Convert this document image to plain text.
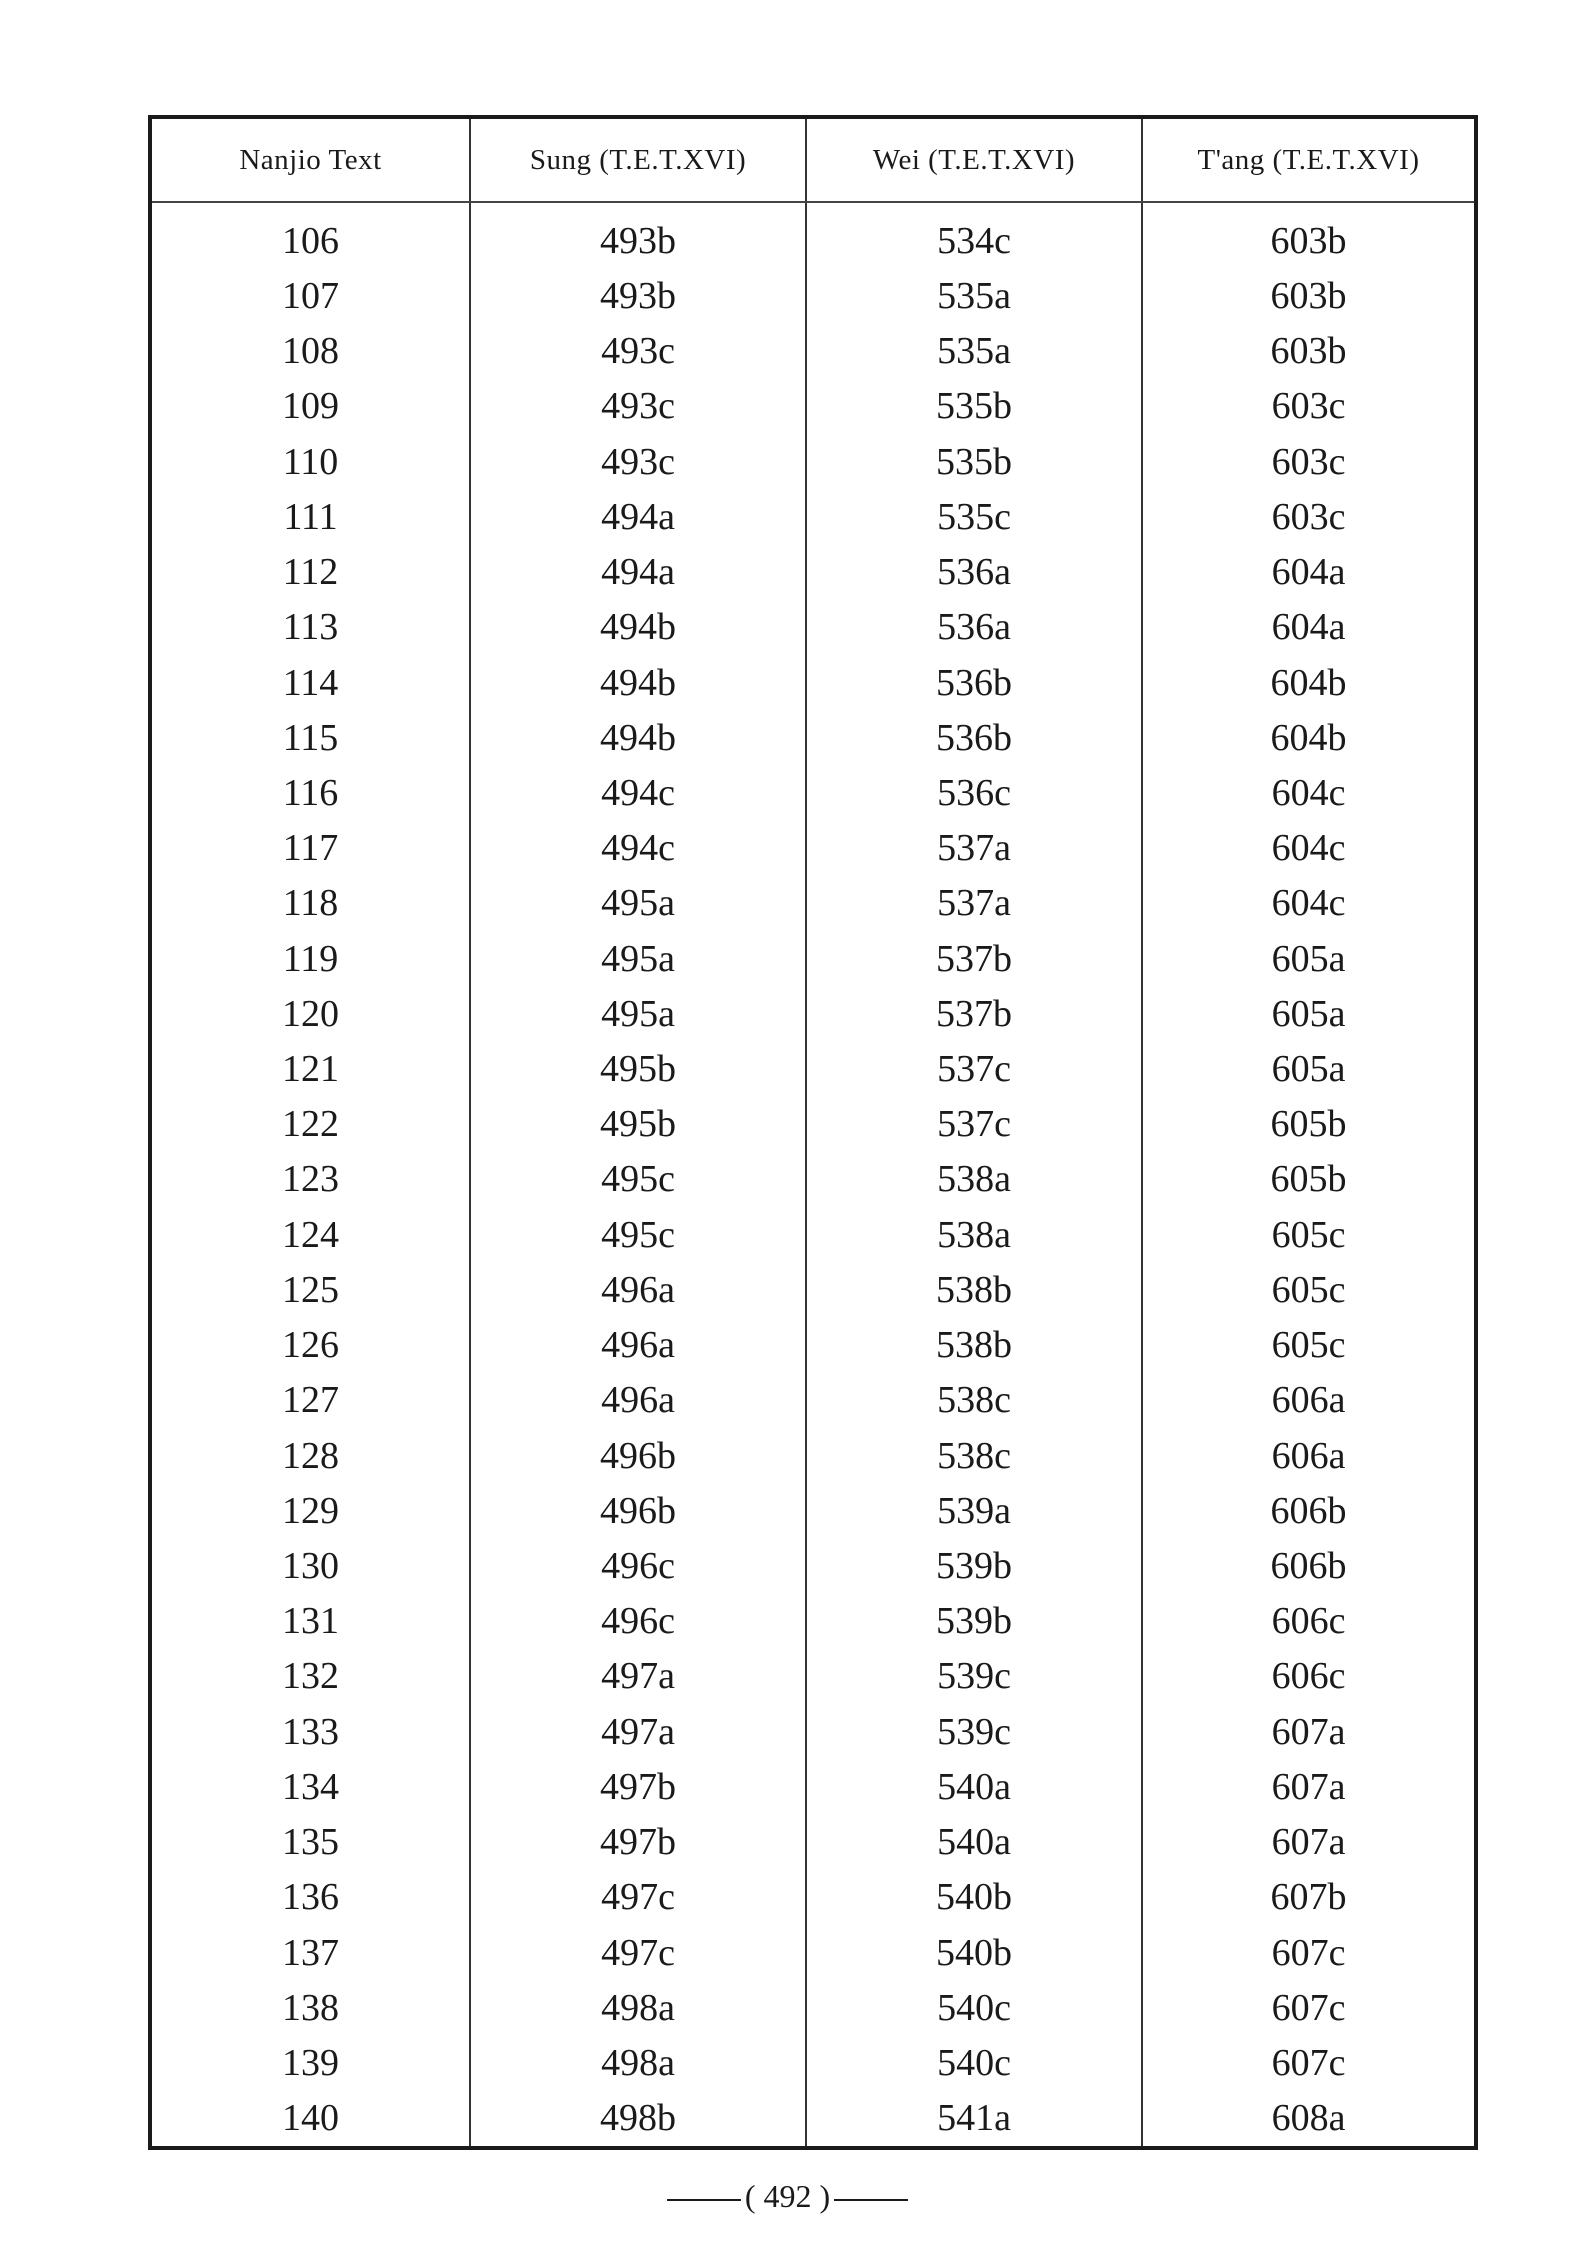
Nanjio Text	Sung (T.E.T.XVI)	Wei (T.E.T.XVI)	T'ang (T.E.T.XVI)
106	493b	534c	603b
107	493b	535a	603b
108	493c	535a	603b
109	493c	535b	603c
110	493c	535b	603c
111	494a	535c	603c
112	494a	536a	604a
113	494b	536a	604a
114	494b	536b	604b
115	494b	536b	604b
116	494c	536c	604c
117	494c	537a	604c
118	495a	537a	604c
119	495a	537b	605a
120	495a	537b	605a
121	495b	537c	605a
122	495b	537c	605b
123	495c	538a	605b
124	495c	538a	605c
125	496a	538b	605c
126	496a	538b	605c
127	496a	538c	606a
128	496b	538c	606a
129	496b	539a	606b
130	496c	539b	606b
131	496c	539b	606c
132	497a	539c	606c
133	497a	539c	607a
134	497b	540a	607a
135	497b	540a	607a
136	497c	540b	607b
137	497c	540b	607c
138	498a	540c	607c
139	498a	540c	607c
140	498b	541a	608a
( 492 )
